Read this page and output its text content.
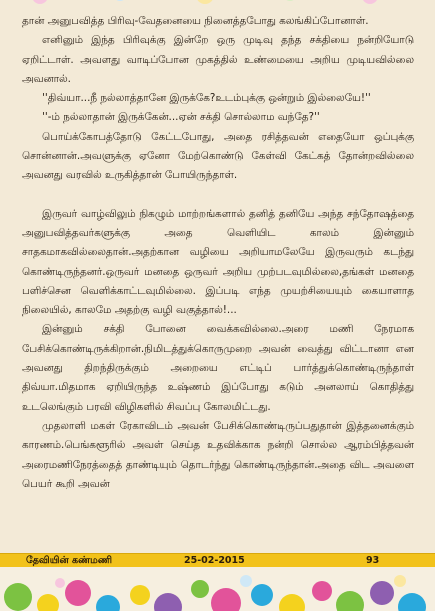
தான் அனுபவித்த பிரிவு-வேதனையை நினைத்தபோது கலங்கிப்போனாள்.

எனினும் இந்த பிரிவுக்கு இன்றே ஒரு முடிவு தந்த சக்தியை நன்றியோடு ஏறிட்டாள். அவளது வாடிப்போன முகத்தில் உண்மையை அறிய முடியவில்லை அவனால்.

''திவ்யா...நீ நல்லாத்தானே இருக்கே?உடம்புக்கு ஒன்றும் இல்லையே!''

''-ம் நல்லாதான் இருக்கேன்...ஏன் சக்தி சொல்லாம வந்தே?''

பொய்க்கோபத்தோடு கேட்டபோது, அதை ரசித்தவன் எதையோ ஒப்புக்கு சொன்னான்.அவளுக்கு ஏனோ மேற்கொண்டு கேள்வி கேட்கத் தோன்றவில்லை அவனது வரவில் உருகித்தான் போயிருந்தாள்.

இருவர் வாழ்விலும் நிகழும் மாற்றங்களால் தனித் தனியே அந்த சந்தோஷத்தை அனுபவித்தவர்களுக்கு அதை வெளியிட காலம் இன்னும் சாதகமாகவில்லைதான்.அதற்கான வழியை அறியாமலேயே இருவரும் கடந்து கொண்டிருந்தனர்.ஒருவர் மனதை ஒருவர் அறிய முற்படவுமில்லை,தங்கள் மனதை பளிச்சென வெளிக்காட்டவுமில்லை. இப்படி எந்த முயற்சியையும் கையாளாத நிலையில், காலமே அதற்கு வழி வகுத்தால்!...

இன்னும் சக்தி போனை வைக்கவில்லை.அரை மணி நேரமாக பேசிக்கொண்டிருக்கிறான்.நிமிடத்துக்கொருமுறை அவன் வைத்து விட்டானா என அவனது திறந்திருக்கும் அறையை எட்டிப் பார்த்துக்கொண்டிருந்தாள் திவ்யா.மிதமாக ஏறியிருந்த உஷ்ணம் இப்போது கடும் அனலாய் கொதித்து உடலெங்கும் பரவி விழிகளில் சிவப்பு கோலமிட்டது.

முதலாளி மகள் ரேகாவிடம் அவன் பேசிக்கொண்டிருப்பதுதான் இத்தனைக்கும் காரணம்.பெங்களூரில் அவள் செய்த உதவிக்காக நன்றி சொல்ல ஆரம்பித்தவன் அரைமணிநேரத்தைத் தாண்டியும் தொடர்ந்து கொண்டிருந்தான்.அதை விட அவளை பெயர் கூறி அவன்

தேவியின் கண்மணி	25-02-2015	93
